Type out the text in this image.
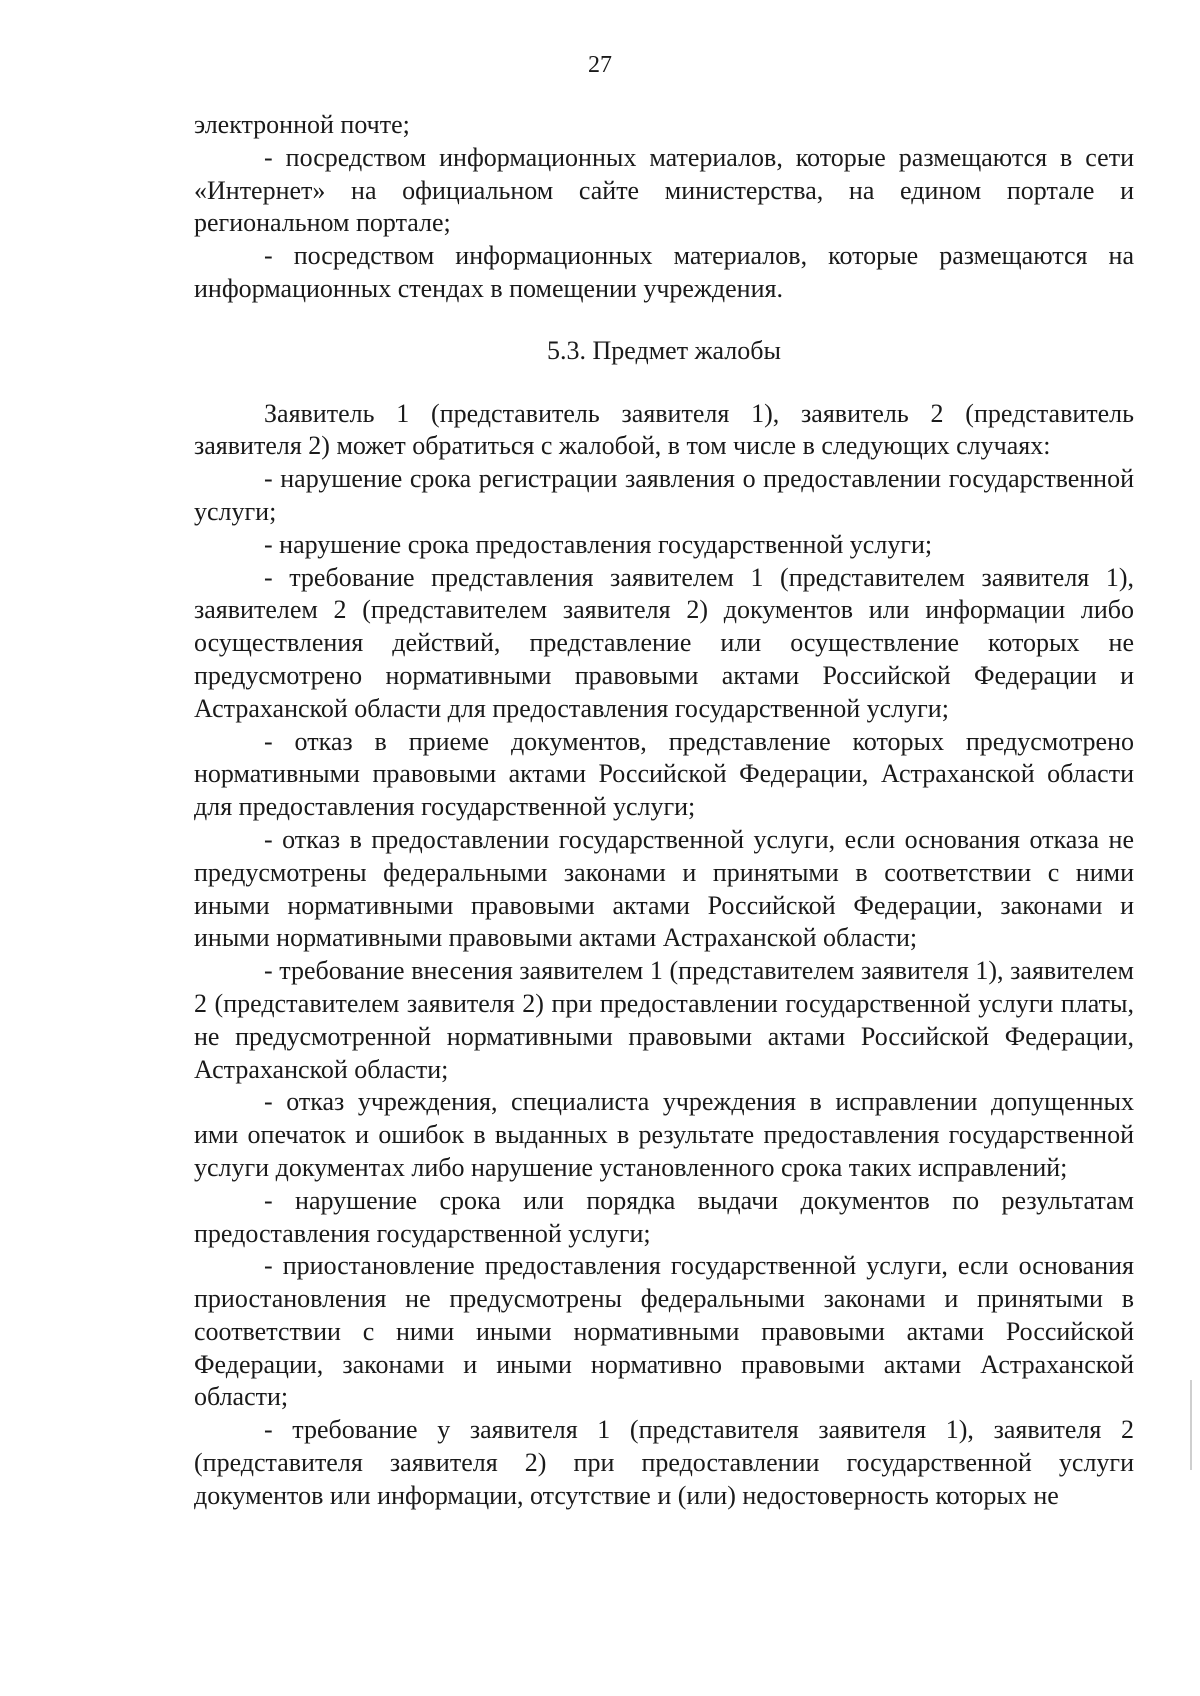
27

электронной почте;

- посредством информационных материалов, которые размещаются в сети «Интернет» на официальном сайте министерства, на едином портале и региональном портале;

- посредством информационных материалов, которые размещаются на информационных стендах в помещении учреждения.

5.3. Предмет жалобы

Заявитель 1 (представитель заявителя 1), заявитель 2 (представитель заявителя 2) может обратиться с жалобой, в том числе в следующих случаях:

- нарушение срока регистрации заявления о предоставлении государственной услуги;

- нарушение срока предоставления государственной услуги;

- требование представления заявителем 1 (представителем заявителя 1), заявителем 2 (представителем заявителя 2) документов или информации либо осуществления действий, представление или осуществление которых не предусмотрено нормативными правовыми актами Российской Федерации и Астраханской области для предоставления государственной услуги;

- отказ в приеме документов, представление которых предусмотрено нормативными правовыми актами Российской Федерации, Астраханской области для предоставления государственной услуги;

- отказ в предоставлении государственной услуги, если основания отказа не предусмотрены федеральными законами и принятыми в соответствии с ними иными нормативными правовыми актами Российской Федерации, законами и иными нормативными правовыми актами Астраханской области;

- требование внесения заявителем 1 (представителем заявителя 1), заявителем 2 (представителем заявителя 2) при предоставлении государственной услуги платы, не предусмотренной нормативными правовыми актами Российской Федерации, Астраханской области;

- отказ учреждения, специалиста учреждения в исправлении допущенных ими опечаток и ошибок в выданных в результате предоставления государственной услуги документах либо нарушение установленного срока таких исправлений;

- нарушение срока или порядка выдачи документов по результатам предоставления государственной услуги;

- приостановление предоставления государственной услуги, если основания приостановления не предусмотрены федеральными законами и принятыми в соответствии с ними иными нормативными правовыми актами Российской Федерации, законами и иными нормативно правовыми актами Астраханской области;

- требование у заявителя 1 (представителя заявителя 1), заявителя 2 (представителя заявителя 2) при предоставлении государственной услуги документов или информации, отсутствие и (или) недостоверность которых не
